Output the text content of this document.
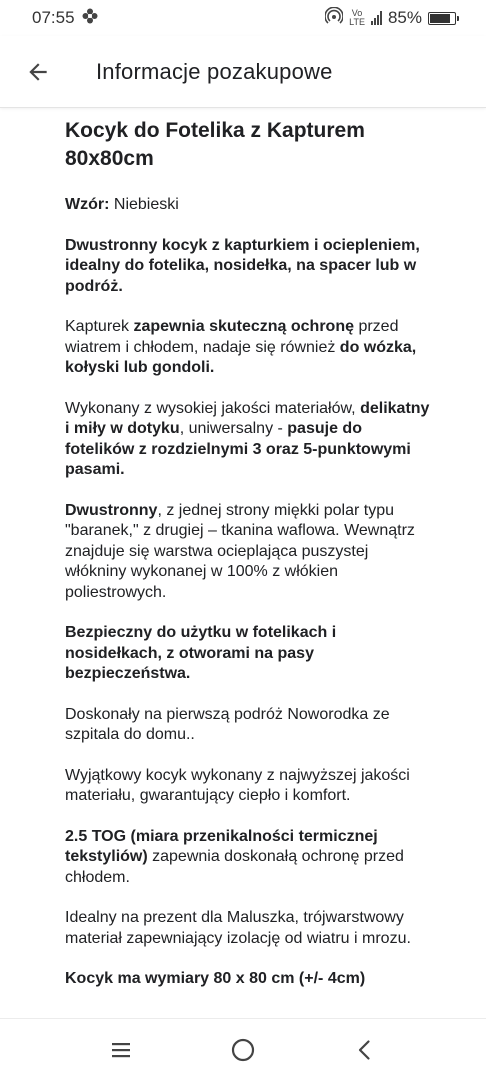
07:55	Vo
LTE 85%
Informacje pozakupowe
Kocyk do Fotelika z Kapturem 80x80cm

Wzór: Niebieski

Dwustronny kocyk z kapturkiem i ociepleniem, idealny do fotelika, nosidełka, na spacer lub w podróż.

Kapturek zapewnia skuteczną ochronę przed wiatrem i chłodem, nadaje się również do wózka, kołyski lub gondoli.

Wykonany z wysokiej jakości materiałów, delikatny i miły w dotyku, uniwersalny - pasuje do fotelików z rozdzielnymi 3 oraz 5-punktowymi pasami.

Dwustronny, z jednej strony miękki polar typu "baranek," z drugiej – tkanina waflowa. Wewnątrz znajduje się warstwa ocieplająca puszystej włókniny wykonanej w 100% z włókien poliestrowych.

Bezpieczny do użytku w fotelikach i nosidełkach, z otworami na pasy bezpieczeństwa.

Doskonały na pierwszą podróż Noworodka ze szpitala do domu..

Wyjątkowy kocyk wykonany z najwyższej jakości materiału, gwarantujący ciepło i komfort.

2.5 TOG (miara przenikalności termicznej tekstyliów) zapewnia doskonałą ochronę przed chłodem.

Idealny na prezent dla Maluszka, trójwarstwowy materiał zapewniający izolację od wiatru i mrozu.

Kocyk ma wymiary 80 x 80 cm (+/- 4cm)
